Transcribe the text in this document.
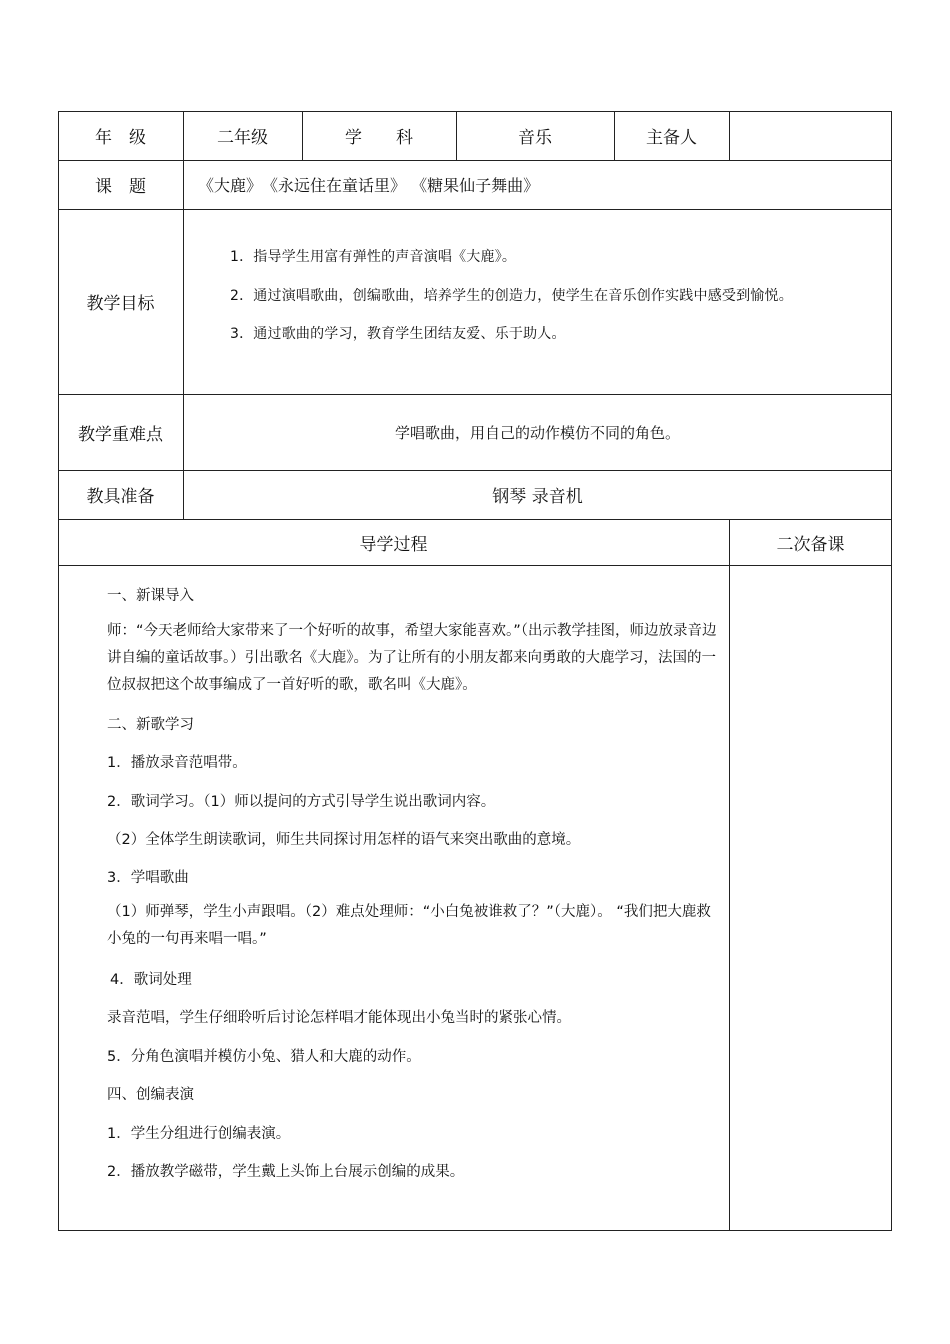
年　级	二年级	学　　科	音乐	主备人
课　题	《大鹿》　《永远住在童话里》 《糖果仙子舞曲》
教学目标
1．指导学生用富有弹性的声音演唱《大鹿》。
2．通过演唱歌曲，创编歌曲，培养学生的创造力，使学生在音乐创作实践中感受到愉悦。
3．通过歌曲的学习，教育学生团结友爱、乐于助人。
教学重难点	学唱歌曲，用自己的动作模仿不同的角色。
教具准备	钢琴 录音机
导学过程	二次备课
一、新课导入
师：“今天老师给大家带来了一个好听的故事，希望大家能喜欢。”（出示教学挂图，师边放录音边讲自编的童话故事。）引出歌名《大鹿》。为了让所有的小朋友都来向勇敢的大鹿学习，法国的一位叔叔把这个故事编成了一首好听的歌，歌名叫《大鹿》。
二、新歌学习
1．播放录音范唱带。
2．歌词学习。（1）师以提问的方式引导学生说出歌词内容。
（2）全体学生朗读歌词，师生共同探讨用怎样的语气来突出歌曲的意境。
3．学唱歌曲
（1）师弹琴，学生小声跟唱。（2）难点处理师：“小白兔被谁救了？”（大鹿）。 “我们把大鹿救小兔的一句再来唱一唱。”
4．歌词处理
录音范唱，学生仔细聆听后讨论怎样唱才能体现出小兔当时的紧张心情。
5．分角色演唱并模仿小兔、猎人和大鹿的动作。
四、创编表演
1．学生分组进行创编表演。
2．播放教学磁带，学生戴上头饰上台展示创编的成果。
